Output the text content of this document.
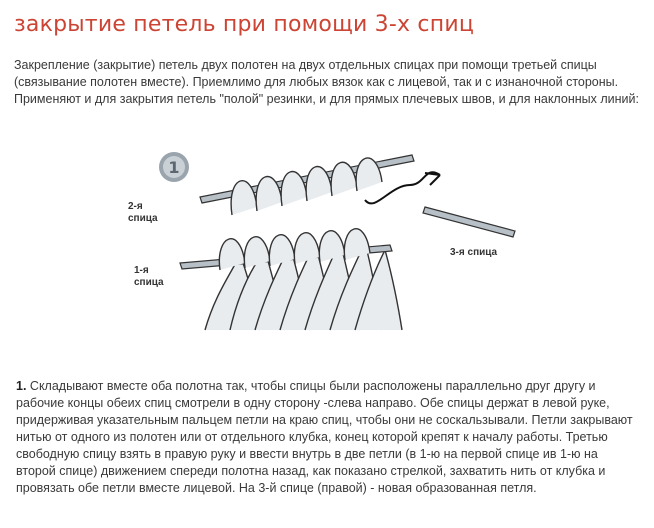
закрытие петель при помощи 3-х спиц
Закрепление (закрытие) петель двух полотен на двух отдельных спицах при помощи третьей спицы (связывание полотен вместе). Приемлимо для любых вязок как с лицевой, так и с изнаночной стороны. Применяют и для закрытия петель "полой" резинки, и для прямых плечевых швов, и для наклонных линий:
1
2-я
спица
1-я
спица
3-я спица
1. Складывают вместе оба полотна так, чтобы спицы были расположены параллельно друг другу и рабочие концы обеих спиц смотрели в одну сторону -слева направо. Обе спицы держат в левой руке, придерживая указательным пальцем петли на краю спиц, чтобы они не соскальзывали. Петли закрывают нитью от одного из полотен или от отдельного клубка, конец которой крепят к началу работы. Третью свободную спицу взять в правую руку и ввести внутрь в две петли (в 1-ю на первой спице ив 1-ю на второй спице) движением спереди полотна назад, как показано стрелкой, захватить нить от клубка и провязать обе петли вместе лицевой. На 3-й спице (правой) - новая образованная петля.
